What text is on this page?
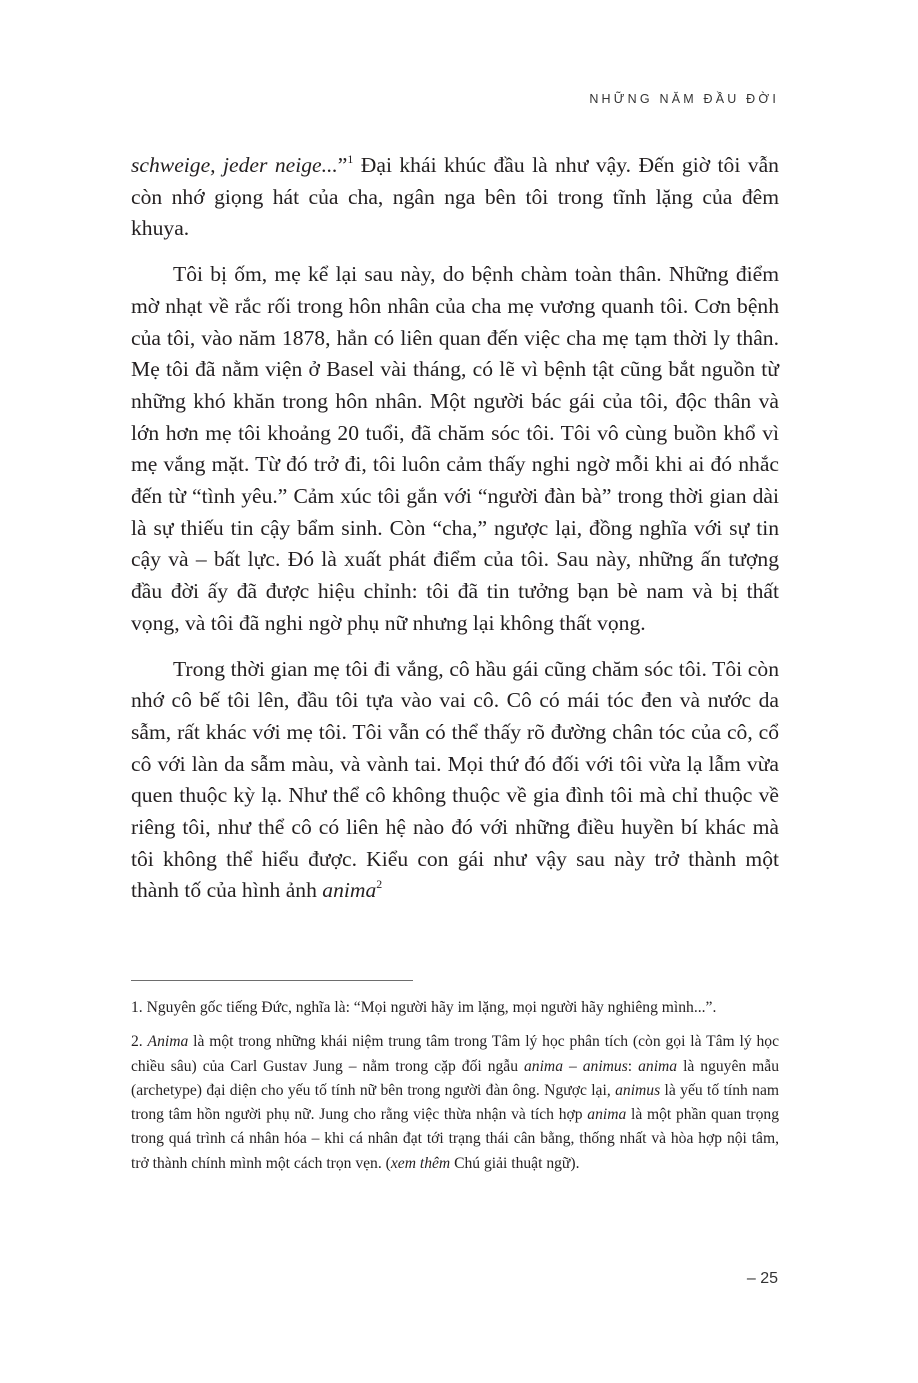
NHỮNG NĂM ĐẦU ĐỜI

schweige, jeder neige...”$^1$ Đại khái khúc đầu là như vậy. Đến giờ tôi vẫn còn nhớ giọng hát của cha, ngân nga bên tôi trong tĩnh lặng của đêm khuya.

Tôi bị ốm, mẹ kể lại sau này, do bệnh chàm toàn thân. Những điểm mờ nhạt về rắc rối trong hôn nhân của cha mẹ vương quanh tôi. Cơn bệnh của tôi, vào năm 1878, hẳn có liên quan đến việc cha mẹ tạm thời ly thân. Mẹ tôi đã nằm viện ở Basel vài tháng, có lẽ vì bệnh tật cũng bắt nguồn từ những khó khăn trong hôn nhân. Một người bác gái của tôi, độc thân và lớn hơn mẹ tôi khoảng 20 tuổi, đã chăm sóc tôi. Tôi vô cùng buồn khổ vì mẹ vắng mặt. Từ đó trở đi, tôi luôn cảm thấy nghi ngờ mỗi khi ai đó nhắc đến từ “tình yêu.” Cảm xúc tôi gắn với “người đàn bà” trong thời gian dài là sự thiếu tin cậy bẩm sinh. Còn “cha,” ngược lại, đồng nghĩa với sự tin cậy và – bất lực. Đó là xuất phát điểm của tôi. Sau này, những ấn tượng đầu đời ấy đã được hiệu chỉnh: tôi đã tin tưởng bạn bè nam và bị thất vọng, và tôi đã nghi ngờ phụ nữ nhưng lại không thất vọng.

Trong thời gian mẹ tôi đi vắng, cô hầu gái cũng chăm sóc tôi. Tôi còn nhớ cô bế tôi lên, đầu tôi tựa vào vai cô. Cô có mái tóc đen và nước da sẫm, rất khác với mẹ tôi. Tôi vẫn có thể thấy rõ đường chân tóc của cô, cổ cô với làn da sẫm màu, và vành tai. Mọi thứ đó đối với tôi vừa lạ lẫm vừa quen thuộc kỳ lạ. Như thể cô không thuộc về gia đình tôi mà chỉ thuộc về riêng tôi, như thể cô có liên hệ nào đó với những điều huyền bí khác mà tôi không thể hiểu được. Kiểu con gái như vậy sau này trở thành một thành tố của hình ảnh anima$^2$

1. Nguyên gốc tiếng Đức, nghĩa là: “Mọi người hãy im lặng, mọi người hãy nghiêng mình...”.

2. Anima là một trong những khái niệm trung tâm trong Tâm lý học phân tích (còn gọi là Tâm lý học chiều sâu) của Carl Gustav Jung – nằm trong cặp đối ngẫu anima – animus: anima là nguyên mẫu (archetype) đại diện cho yếu tố tính nữ bên trong người đàn ông. Ngược lại, animus là yếu tố tính nam trong tâm hồn người phụ nữ. Jung cho rằng việc thừa nhận và tích hợp anima là một phần quan trọng trong quá trình cá nhân hóa – khi cá nhân đạt tới trạng thái cân bằng, thống nhất và hòa hợp nội tâm, trở thành chính mình một cách trọn vẹn. (xem thêm Chú giải thuật ngữ).

– 25
